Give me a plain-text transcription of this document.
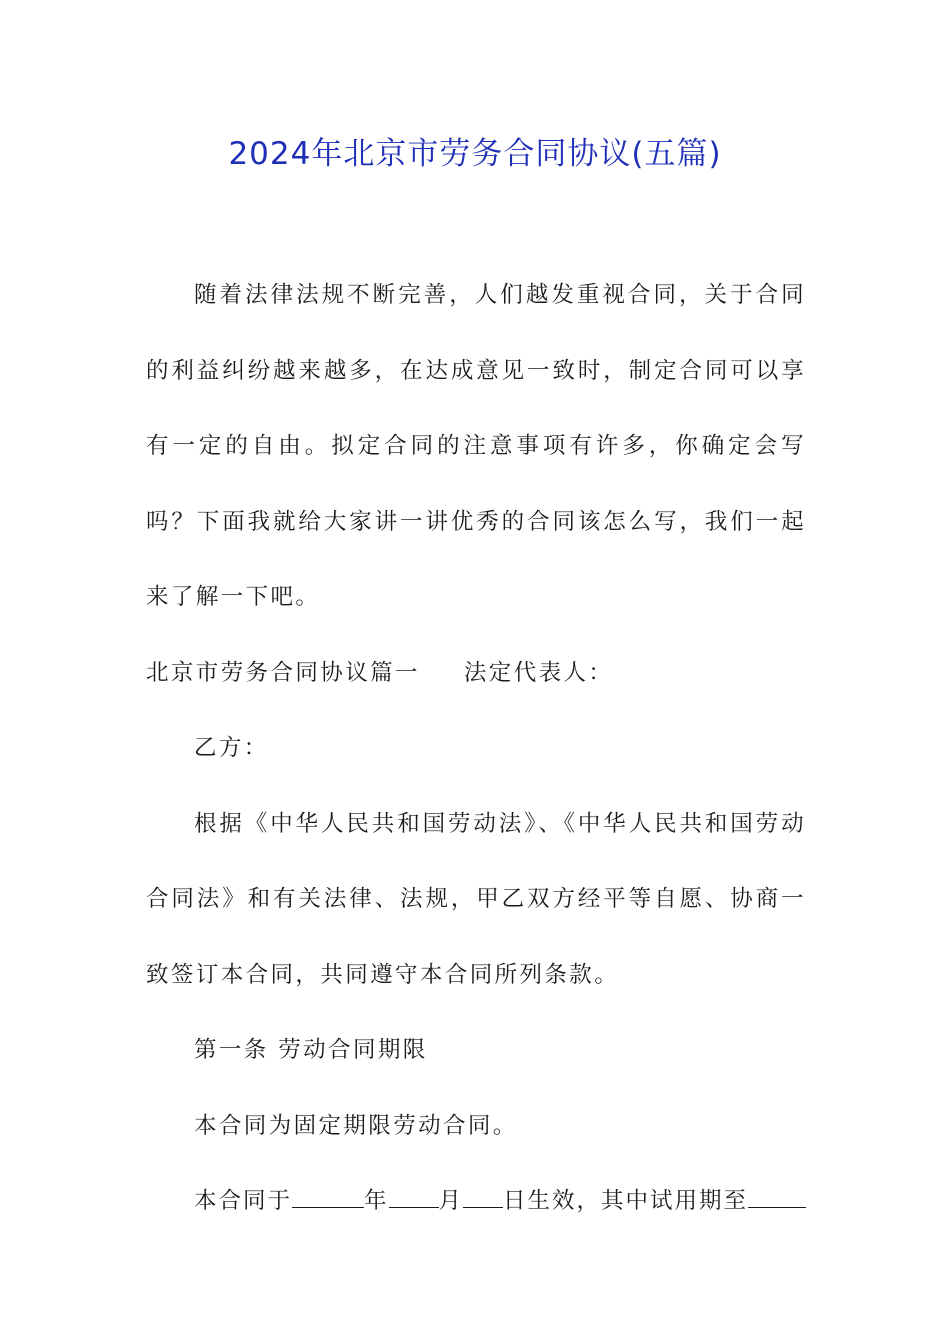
2024年北京市劳务合同协议(五篇)

随着法律法规不断完善，人们越发重视合同，关于合同的利益纠纷越来越多，在达成意见一致时，制定合同可以享有一定的自由。拟定合同的注意事项有许多，你确定会写吗？下面我就给大家讲一讲优秀的合同该怎么写，我们一起来了解一下吧。

北京市劳务合同协议篇一 法定代表人：

乙方：

根据《中华人民共和国劳动法》、《中华人民共和国劳动合同法》和有关法律、法规，甲乙双方经平等自愿、协商一致签订本合同，共同遵守本合同所列条款。

第一条 劳动合同期限

本合同为固定期限劳动合同。

本合同于	年 月 日生效，其中试用期至
